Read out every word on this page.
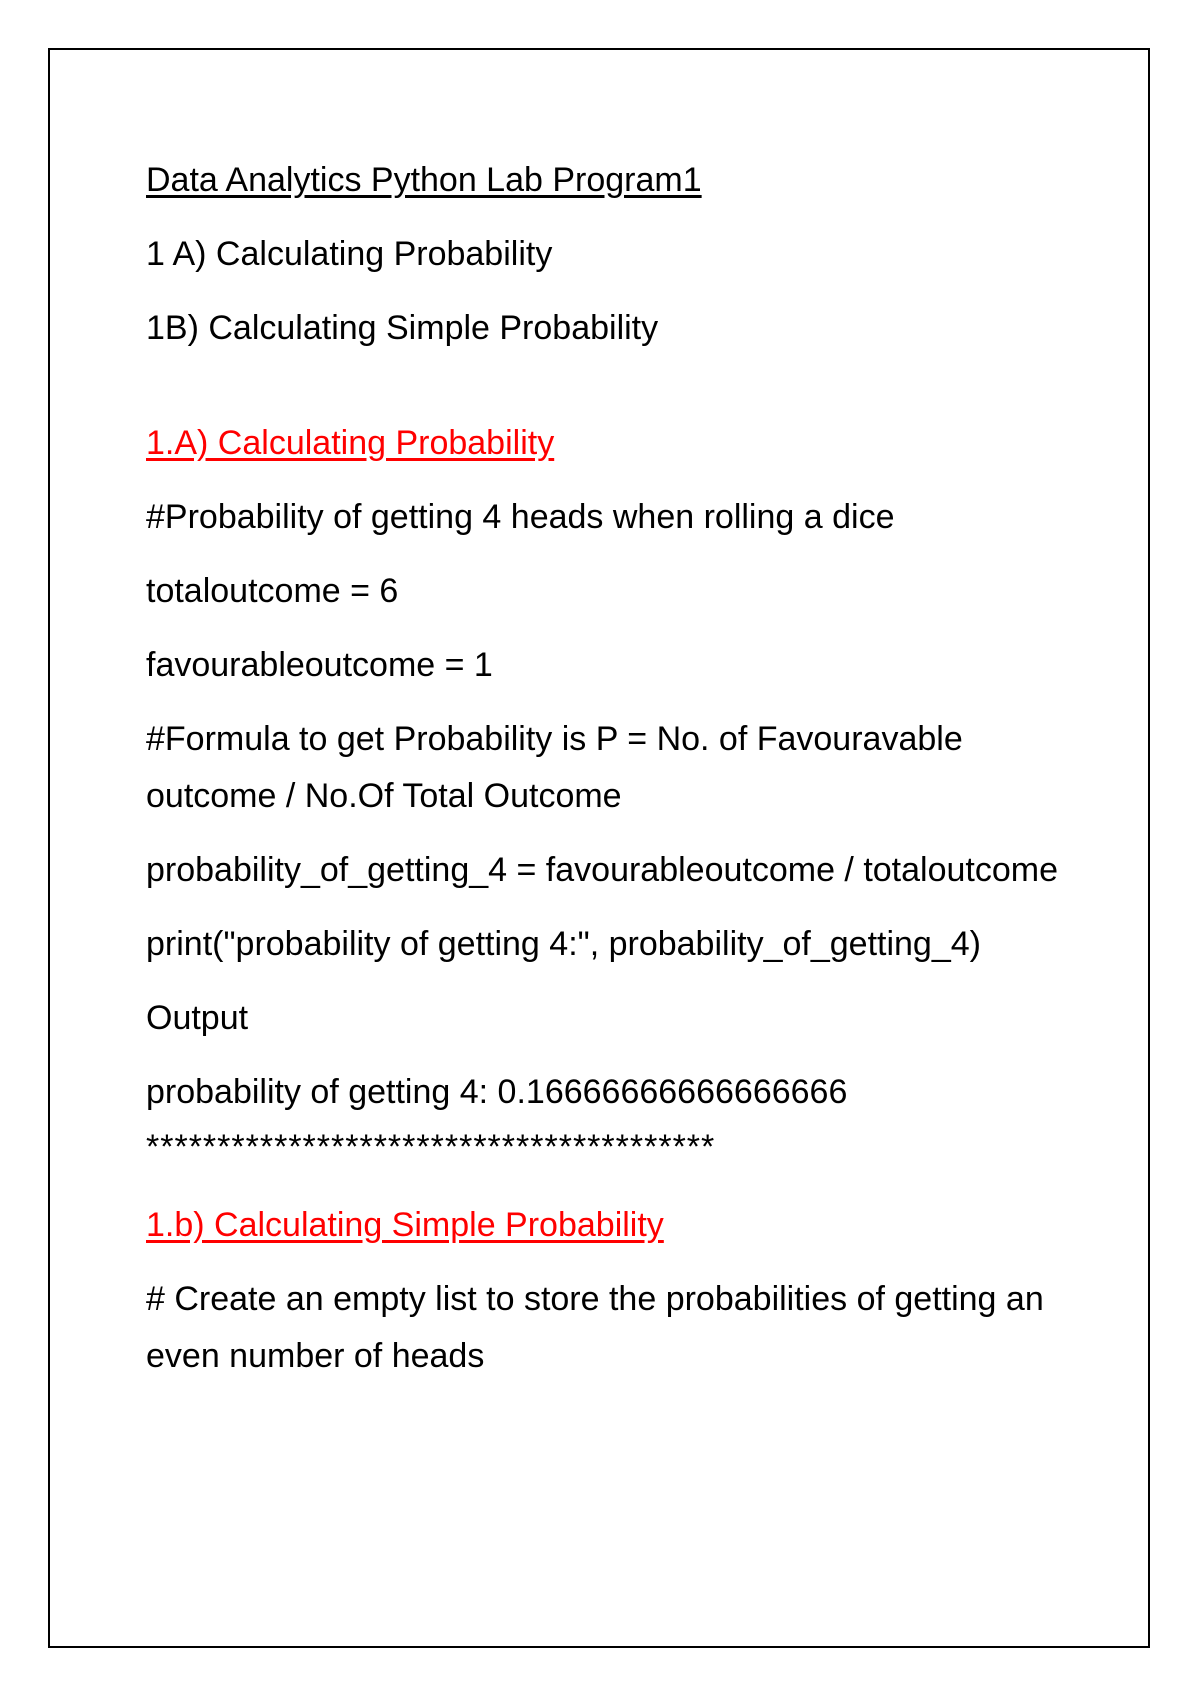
Data Analytics Python Lab Program1
1 A) Calculating Probability
1B) Calculating Simple Probability
1.A) Calculating Probability
#Probability of getting 4 heads when rolling a dice
totaloutcome = 6
favourableoutcome = 1
#Formula to get Probability is P = No. of Favouravable outcome / No.Of Total Outcome
probability_of_getting_4 = favourableoutcome / totaloutcome
print("probability of getting 4:", probability_of_getting_4)
Output
probability of getting 4: 0.16666666666666666
****************************************
1.b) Calculating Simple Probability
# Create an empty list to store the probabilities of getting an even number of heads
